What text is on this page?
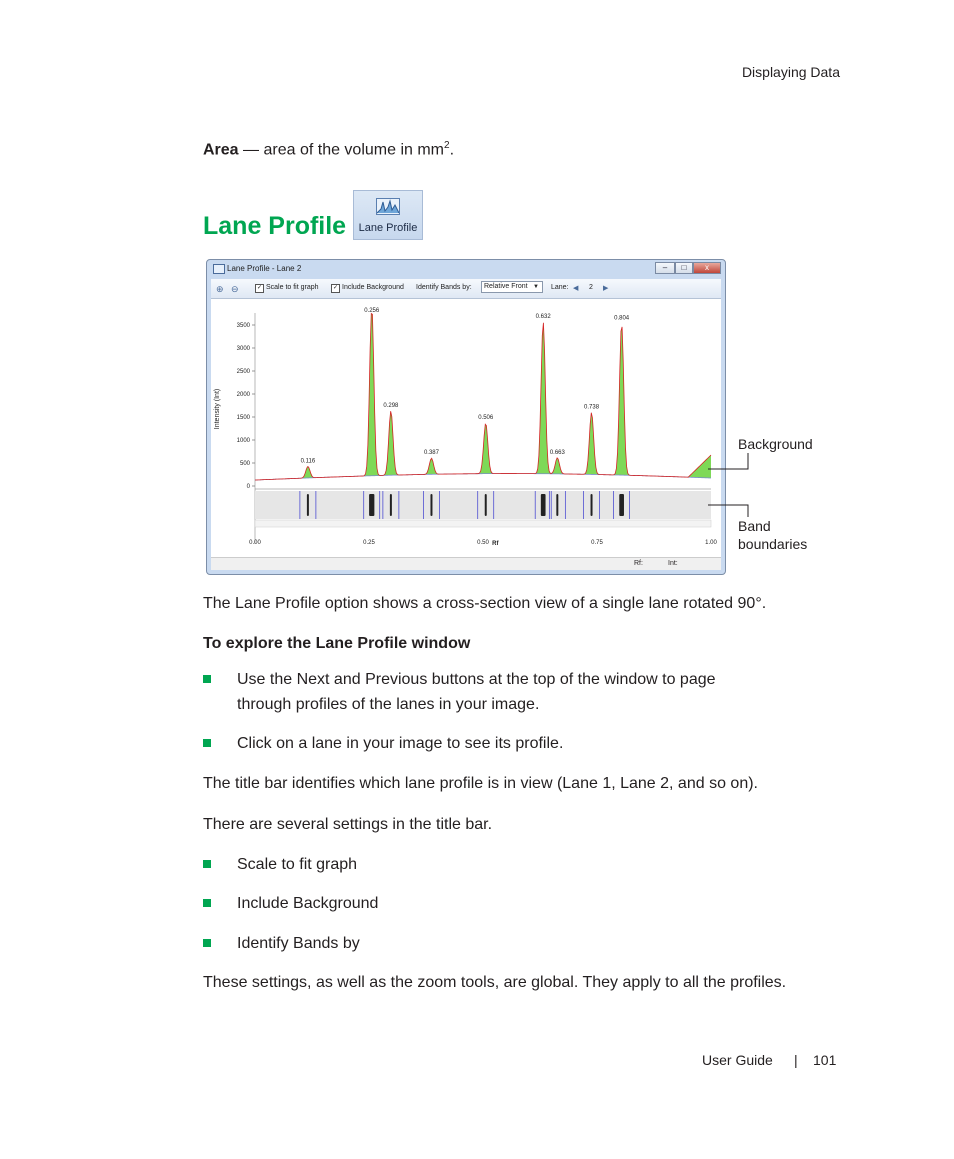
Displaying Data
Area — area of the volume in $mm^2$.
Lane Profile	Lane Profile
Lane Profile - Lane 2	–	□	x
⊕ ⊖	✓ Scale to fit graph	✓ Include Background Identify Bands by:	Relative Front ▼ Lane: ◀ 2 ▶
Intensity (Int)
0
500
1000
1500
2000
2500
3000
3500
0.116
0.256
0.298
0.387
0.506
0.632
0.663
0.738
0.804
0.00	0.25	0.50	0.75	1.00
Rf
Rf:	Int:
Background
Band
boundaries
The Lane Profile option shows a cross-section view of a single lane rotated 90°.
To explore the Lane Profile window
Use the Next and Previous buttons at the top of the window to page
through profiles of the lanes in your image.
Click on a lane in your image to see its profile.
The title bar identifies which lane profile is in view (Lane 1, Lane 2, and so on).
There are several settings in the title bar.
Scale to fit graph
Include Background
Identify Bands by
These settings, as well as the zoom tools, are global. They apply to all the profiles.
User Guide | 101
